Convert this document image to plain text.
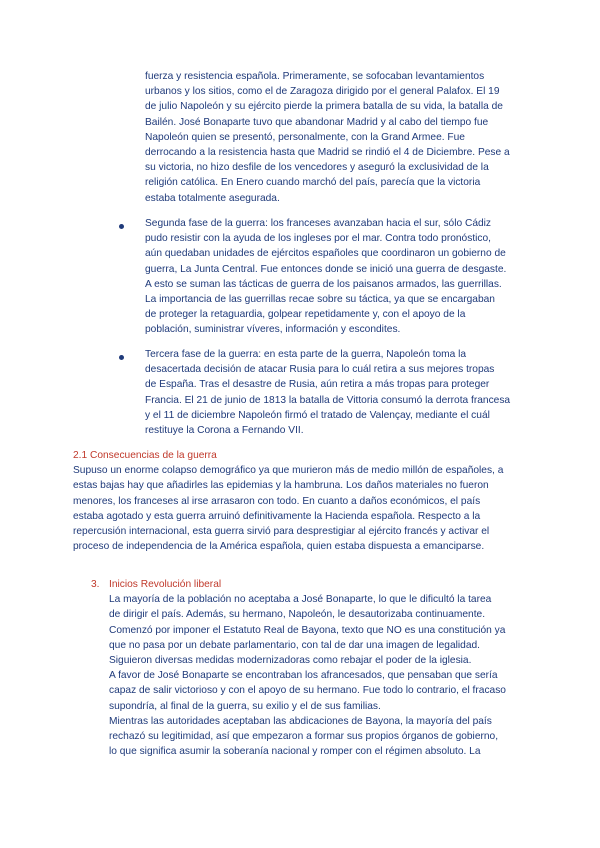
fuerza y resistencia española. Primeramente, se sofocaban levantamientos
urbanos y los sitios, como el de Zaragoza dirigido por el general Palafox. El 19
de julio Napoleón y su ejército pierde la primera batalla de su vida, la batalla de
Bailén. José Bonaparte tuvo que abandonar Madrid y al cabo del tiempo fue
Napoleón quien se presentó, personalmente, con la Grand Armee. Fue
derrocando a la resistencia hasta que Madrid se rindió el 4 de Diciembre. Pese a
su victoria, no hizo desfile de los vencedores y aseguró la exclusividad de la
religión católica. En Enero cuando marchó del país, parecía que la victoria
estaba totalmente asegurada.
Segunda fase de la guerra: los franceses avanzaban hacia el sur, sólo Cádiz
pudo resistir con la ayuda de los ingleses por el mar. Contra todo pronóstico,
aún quedaban unidades de ejércitos españoles que coordinaron un gobierno de
guerra, La Junta Central. Fue entonces donde se inició una guerra de desgaste.
A esto se suman las tácticas de guerra de los paisanos armados, las guerrillas.
La importancia de las guerrillas recae sobre su táctica, ya que se encargaban
de proteger la retaguardia, golpear repetidamente y, con el apoyo de la
población, suministrar víveres, información y escondites.
Tercera fase de la guerra: en esta parte de la guerra, Napoleón toma la
desacertada decisión de atacar Rusia para lo cuál retira a sus mejores tropas
de España. Tras el desastre de Rusia, aún retira a más tropas para proteger
Francia. El 21 de junio de 1813 la batalla de Vittoria consumó la derrota francesa
y el 11 de diciembre Napoleón firmó el tratado de Valençay, mediante el cuál
restituye la Corona a Fernando VII.
2.1 Consecuencias de la guerra
Supuso un enorme colapso demográfico ya que murieron más de medio millón de españoles, a
estas bajas hay que añadirles las epidemias y la hambruna. Los daños materiales no fueron
menores, los franceses al irse arrasaron con todo. En cuanto a daños económicos, el país
estaba agotado y esta guerra arruinó definitivamente la Hacienda española. Respecto a la
repercusión internacional, esta guerra sirvió para desprestigiar al ejército francés y activar el
proceso de independencia de la América española, quien estaba dispuesta a emanciparse.
3. Inicios Revolución liberal
La mayoría de la población no aceptaba a José Bonaparte, lo que le dificultó la tarea
de dirigir el país. Además, su hermano, Napoleón, le desautorizaba continuamente.
Comenzó por imponer el Estatuto Real de Bayona, texto que NO es una constitución ya
que no pasa por un debate parlamentario, con tal de dar una imagen de legalidad.
Siguieron diversas medidas modernizadoras como rebajar el poder de la iglesia.
A favor de José Bonaparte se encontraban los afrancesados, que pensaban que sería
capaz de salir victorioso y con el apoyo de su hermano. Fue todo lo contrario, el fracaso
supondría, al final de la guerra, su exilio y el de sus familias.
Mientras las autoridades aceptaban las abdicaciones de Bayona, la mayoría del país
rechazó su legitimidad, así que empezaron a formar sus propios órganos de gobierno,
lo que significa asumir la soberanía nacional y romper con el régimen absoluto. La
